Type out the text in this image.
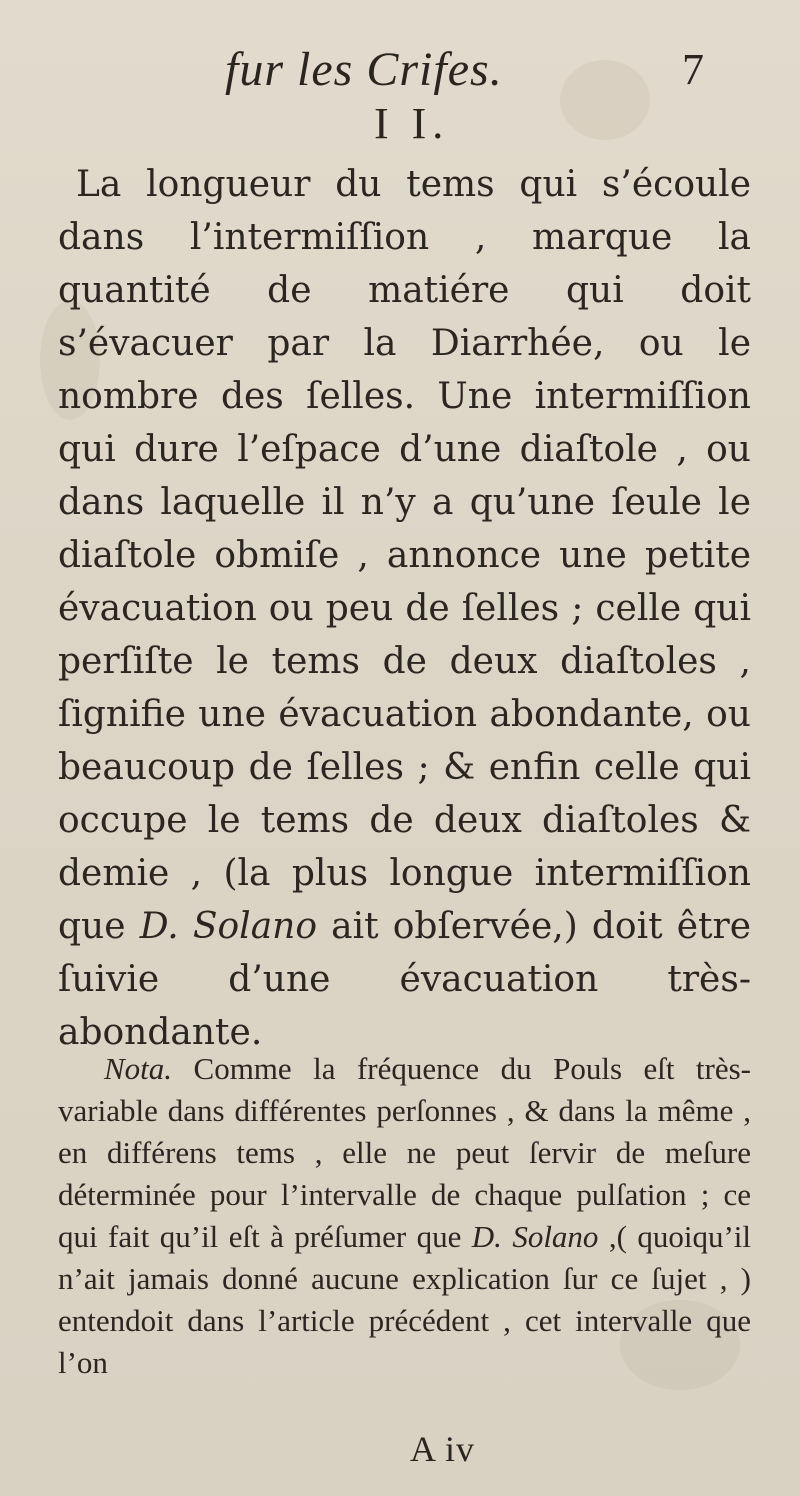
fur les Crifes.	7
I I.

La longueur du tems qui s’écoule dans l’intermiſſion , marque la quantité de matiére qui doit s’évacuer par la Diarrhée, ou le nombre des ſelles. Une intermiſſion qui dure l’eſpace d’une diaſtole , ou dans laquelle il n’y a qu’une ſeule le diaſtole obmiſe , annonce une petite évacuation ou peu de ſelles ; celle qui perſiſte le tems de deux diaſtoles , ſignifie une évacuation abondante, ou beaucoup de ſelles ; & enfin celle qui occupe le tems de deux diaſtoles & demie , (la plus longue intermiſſion que D. Solano ait obſervée,) doit être ſuivie d’une évacuation très-abondante.

Nota. Comme la fréquence du Pouls eſt très-variable dans différentes perſonnes , & dans la même , en différens tems , elle ne peut ſervir de meſure déterminée pour l’intervalle de chaque pulſation ; ce qui fait qu’il eſt à préſumer que D. Solano ,( quoiqu’il n’ait jamais donné aucune explication ſur ce ſujet , ) entendoit dans l’article précédent , cet intervalle que l’on

A iv
